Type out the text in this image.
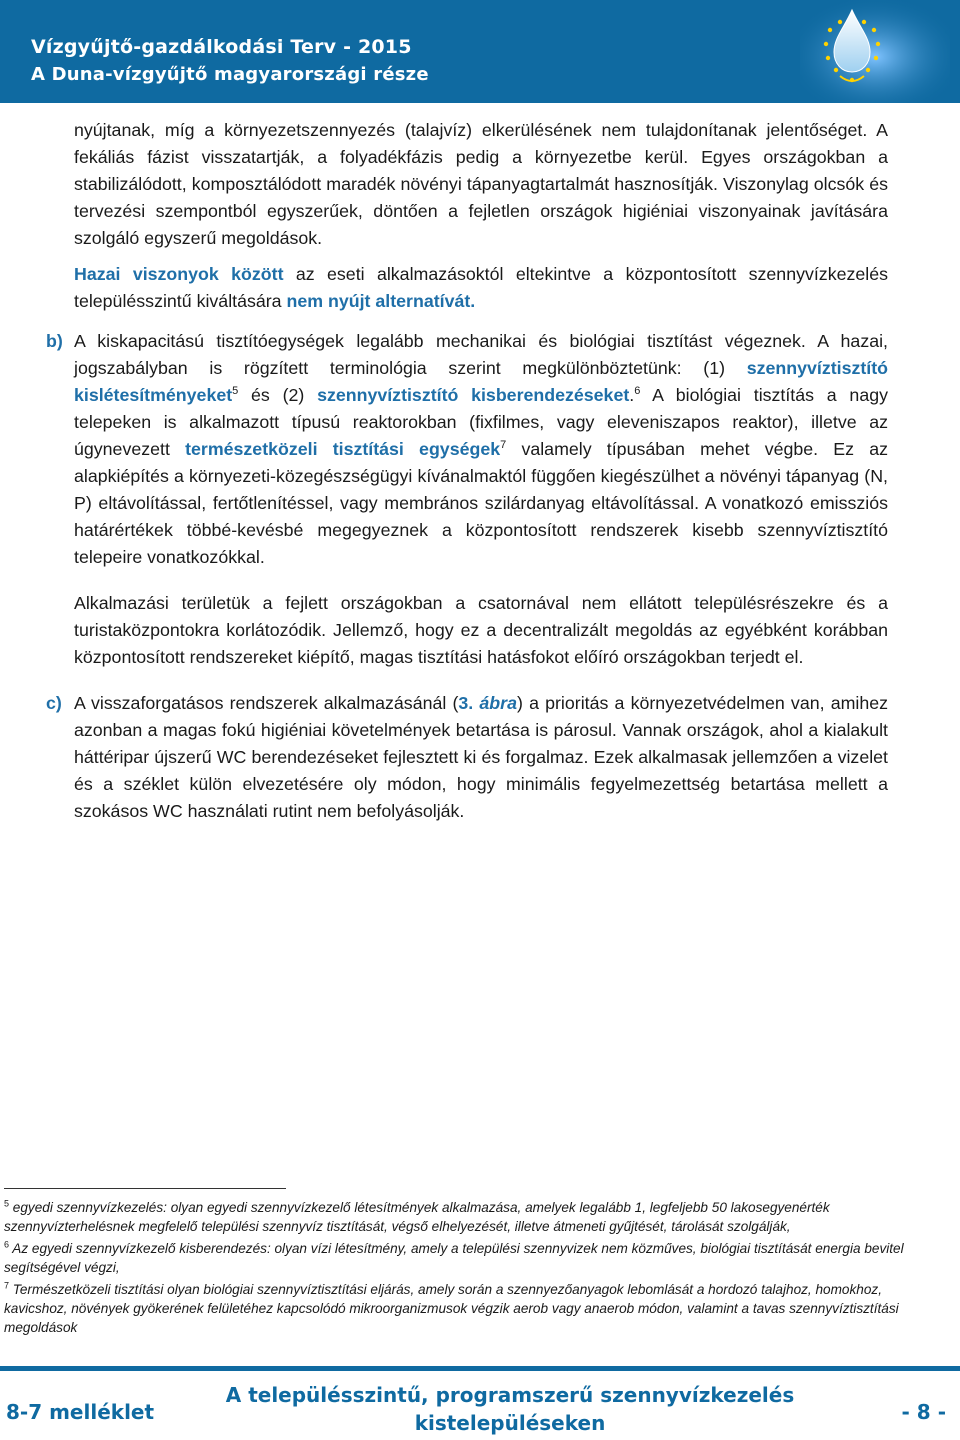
Vízgyűjtő-gazdálkodási Terv - 2015
A Duna-vízgyűjtő magyarországi része

nyújtanak, míg a környezetszennyezés (talajvíz) elkerülésének nem tulajdonítanak jelentőséget. A fekáliás fázist visszatartják, a folyadékfázis pedig a környezetbe kerül. Egyes országokban a stabilizálódott, komposztálódott maradék növényi tápanyagtartalmát hasznosítják. Viszonylag olcsók és tervezési szempontból egyszerűek, döntően a fejletlen országok higiéniai viszonyainak javítására szolgáló egyszerű megoldások.

Hazai viszonyok között az eseti alkalmazásoktól eltekintve a központosított szennyvízkezelés településszintű kiváltására nem nyújt alternatívát.

b) A kiskapacitású tisztítóegységek legalább mechanikai és biológiai tisztítást végeznek. A hazai, jogszabályban is rögzített terminológia szerint megkülönböztetünk: (1) szennyvíztisztító kislétesítményeket$^5$ és (2) szennyvíztisztító kisberendezéseket.$^6$ A biológiai tisztítás a nagy telepeken is alkalmazott típusú reaktorokban (fixfilmes, vagy eleveniszapos reaktor), illetve az úgynevezett természetközeli tisztítási egységek$^7$ valamely típusában mehet végbe. Ez az alapkiépítés a környezeti-közegészségügyi kívánalmaktól függően kiegészülhet a növényi tápanyag (N, P) eltávolítással, fertőtlenítéssel, vagy membrános szilárdanyag eltávolítással. A vonatkozó emissziós határértékek többé-kevésbé megegyeznek a központosított rendszerek kisebb szennyvíztisztító telepeire vonatkozókkal.

Alkalmazási területük a fejlett országokban a csatornával nem ellátott településrészekre és a turistaközpontokra korlátozódik. Jellemző, hogy ez a decentralizált megoldás az egyébként korábban központosított rendszereket kiépítő, magas tisztítási hatásfokot előíró országokban terjedt el.

c) A visszaforgatásos rendszerek alkalmazásánál (3. ábra) a prioritás a környezetvédelmen van, amihez azonban a magas fokú higiéniai követelmények betartása is párosul. Vannak országok, ahol a kialakult háttéripar újszerű WC berendezéseket fejlesztett ki és forgalmaz. Ezek alkalmasak jellemzően a vizelet és a széklet külön elvezetésére oly módon, hogy minimális fegyelmezettség betartása mellett a szokásos WC használati rutint nem befolyásolják.

$^5$ egyedi szennyvízkezelés: olyan egyedi szennyvízkezelő létesítmények alkalmazása, amelyek legalább 1, legfeljebb 50 lakosegyenérték szennyvízterhelésnek megfelelő települési szennyvíz tisztítását, végső elhelyezését, illetve átmeneti gyűjtését, tárolását szolgálják,

$^6$ Az egyedi szennyvízkezelő kisberendezés: olyan vízi létesítmény, amely a települési szennyvizek nem közműves, biológiai tisztítását energia bevitel segítségével végzi,

$^7$ Természetközeli tisztítási olyan biológiai szennyvíztisztítási eljárás, amely során a szennyezőanyagok lebomlását a hordozó talajhoz, homokhoz, kavicshoz, növények gyökerének felületéhez kapcsolódó mikroorganizmusok végzik aerob vagy anaerob módon, valamint a tavas szennyvíztisztítási megoldások

8-7 melléklet
A településszintű, programszerű szennyvízkezelés kistelepüléseken	- 8 -
